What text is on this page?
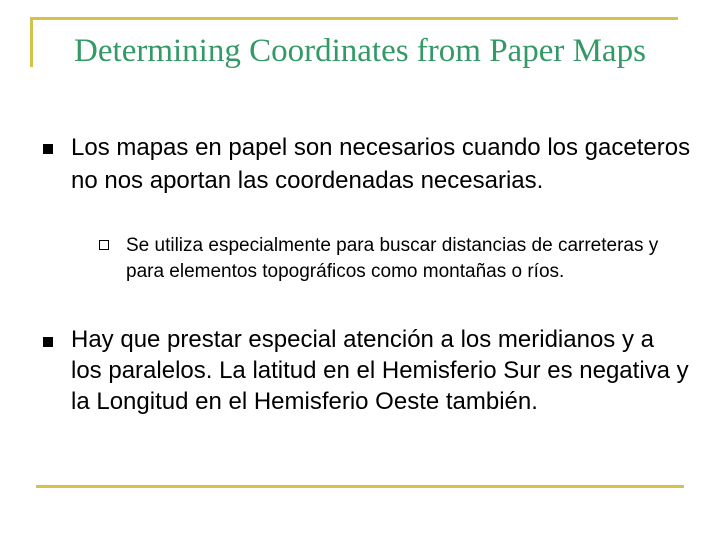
Determining Coordinates from Paper Maps
Los mapas en papel son necesarios cuando los gaceteros no nos aportan las coordenadas necesarias.
Se utiliza especialmente para buscar distancias de carreteras y para elementos topográficos como montañas o ríos.
Hay que prestar especial atención a los meridianos y a los paralelos. La latitud en el Hemisferio Sur es negativa y la Longitud en el Hemisferio Oeste también.
